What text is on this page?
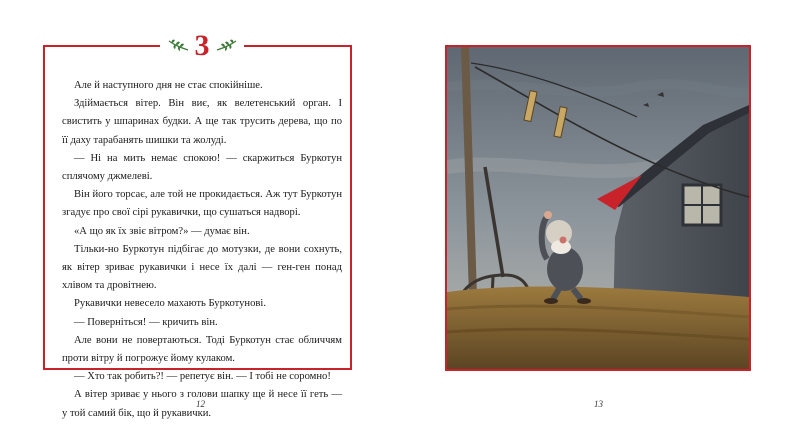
3

Але й наступного дня не стає спокійніше.

Здіймається вітер. Він виє, як велетенський орган. І свистить у шпаринах будки. А ще так трусить дерева, що по її даху тарабанять шишки та жолуді.

— Ні на мить немає спокою! — скаржиться Буркотун сплячому джмелеві.

Він його торсає, але той не прокидається. Аж тут Буркотун згадує про свої сірі рукавички, що сушаться надворі.

«А що як їх звіє вітром?» — думає він.

Тільки-но Буркотун підбігає до мотузки, де вони сохнуть, як вітер зриває рукавички і несе їх далі — ген-ген понад хлівом та дровітнею.

Рукавички невесело махають Буркотунові.

— Поверніться! — кричить він.

Але вони не повертаються. Тоді Буркотун стає обличчям проти вітру й погрожує йому кулаком.

— Хто так робить?! — репетує він. — І тобі не соромно!

А вітер зриває у нього з голови шапку ще й несе її геть — у той самий бік, що й рукавички.

12	13
